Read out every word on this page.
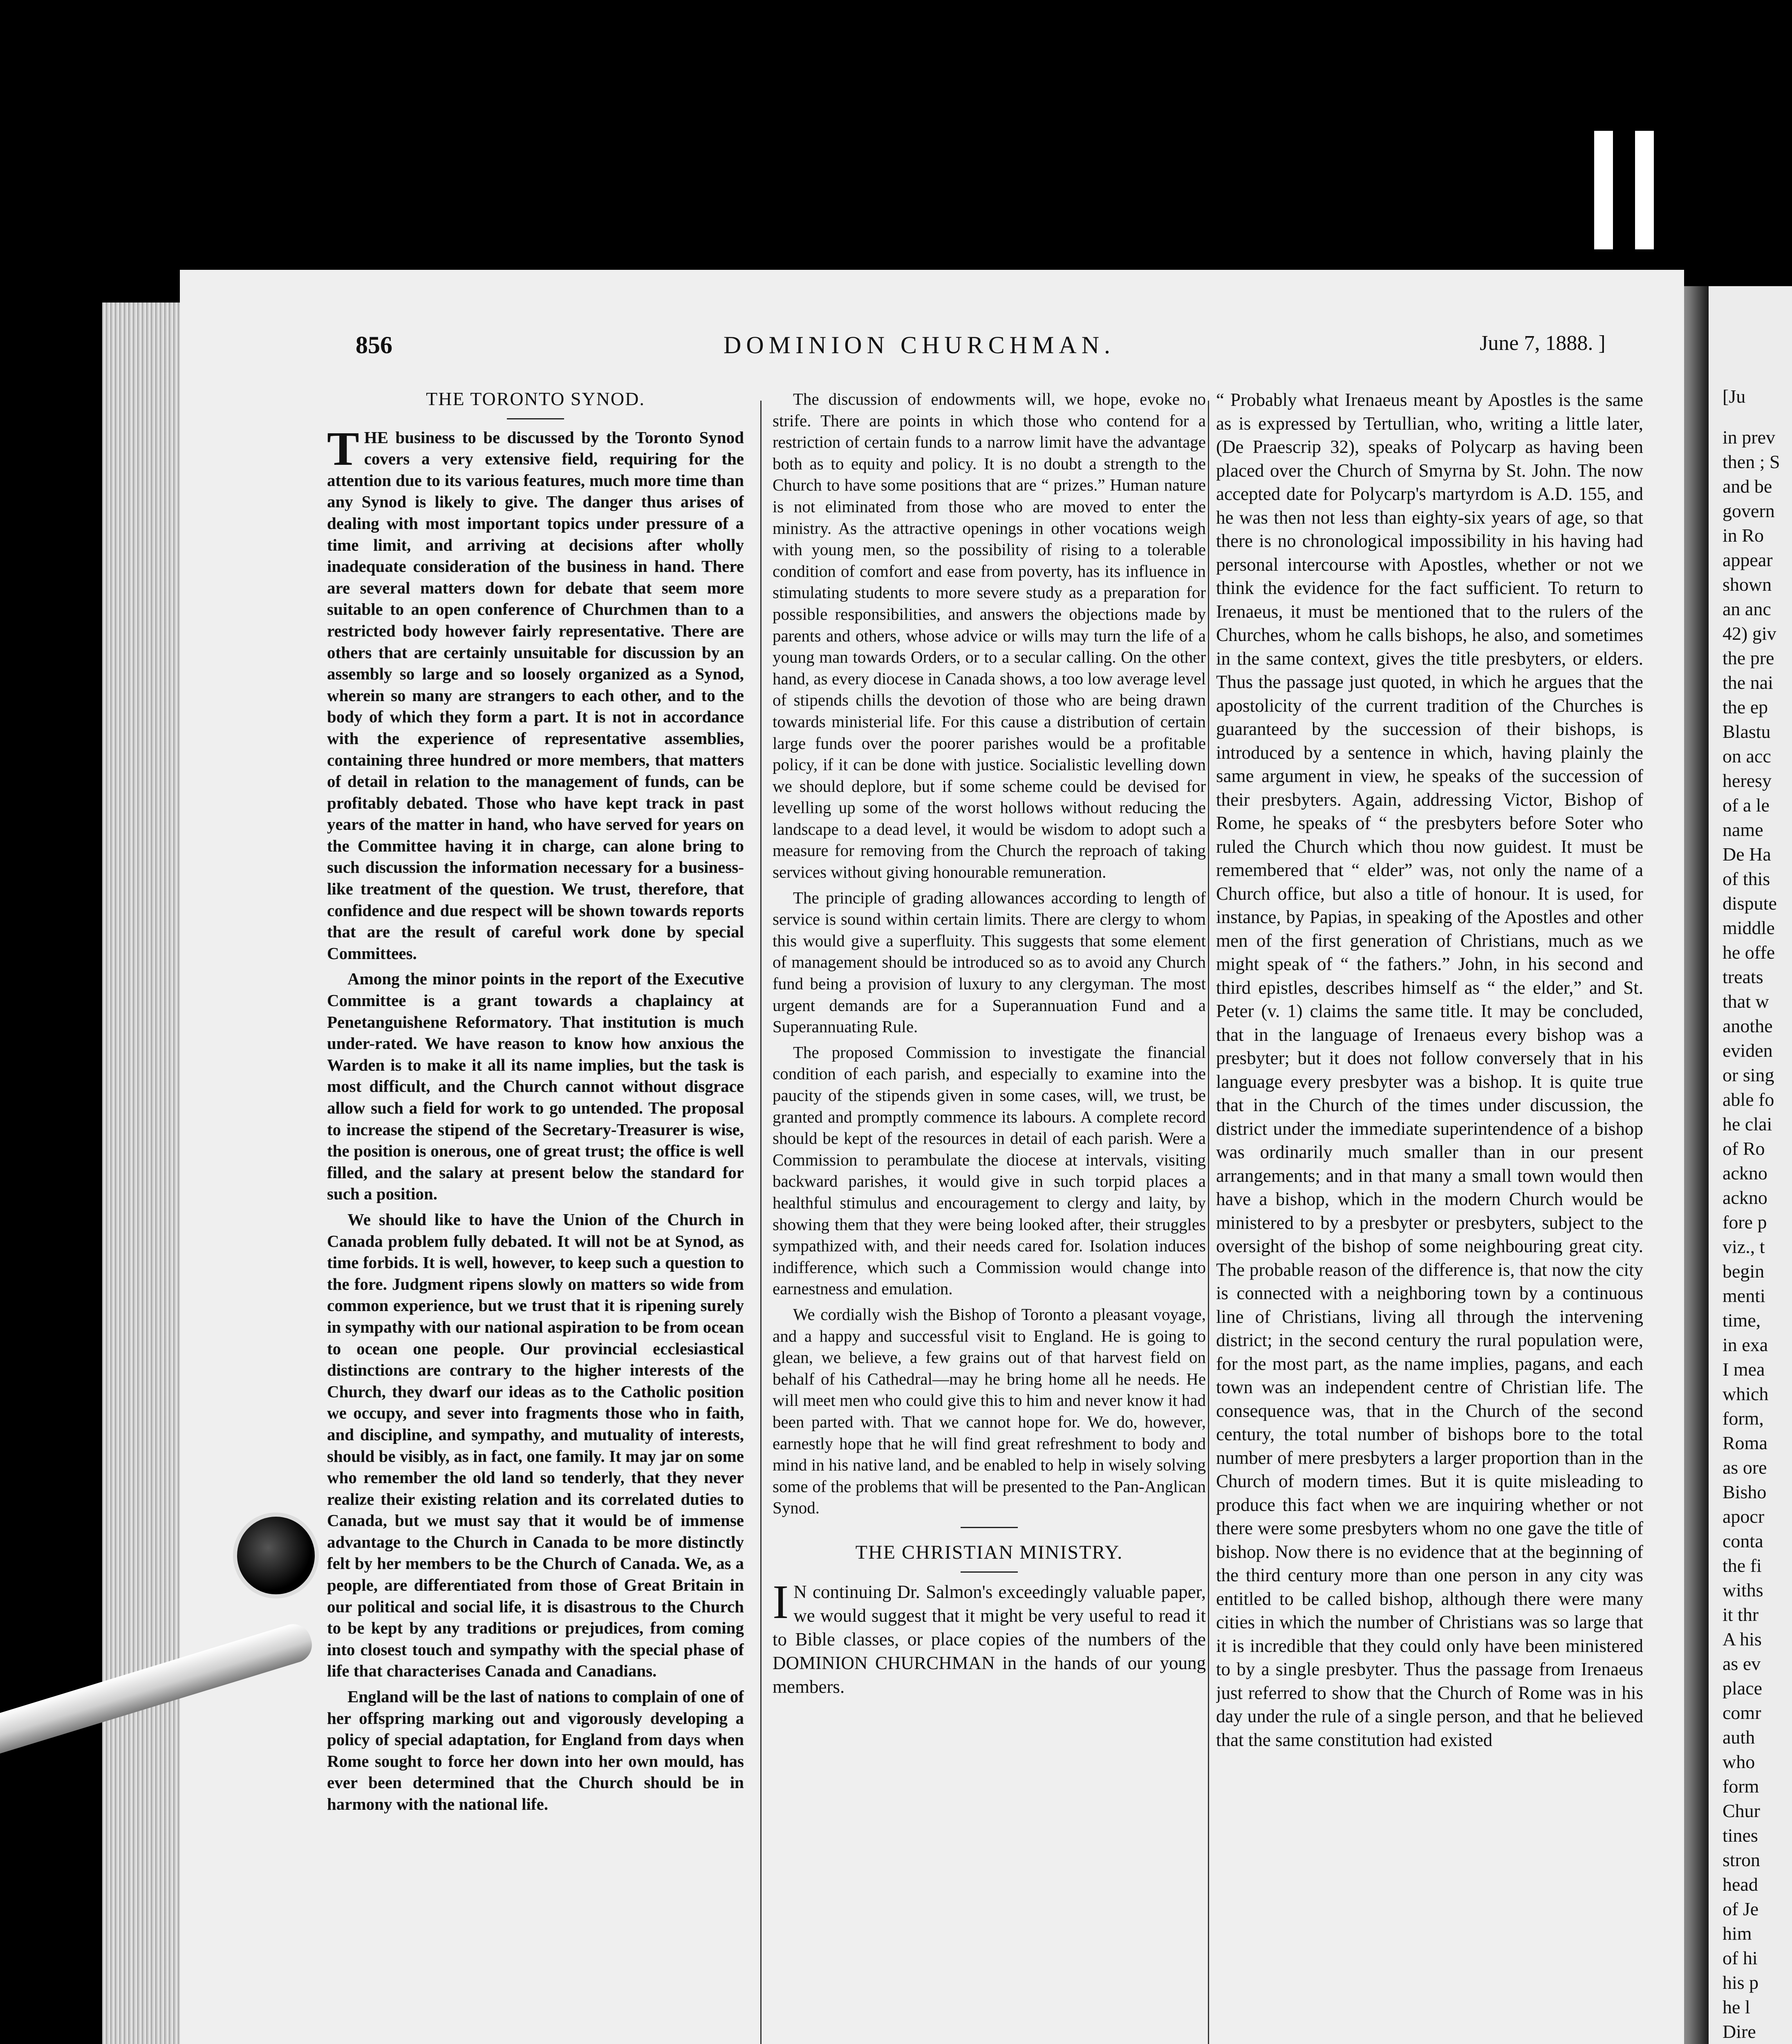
[Ju
in prev
then ; S
and be
govern
in Ro
appear
shown
an anc
42) giv
the pre
the nai
the ep
Blastu
on acc
heresy
of a le
name
De Ha
of this
dispute
middle
he offe
treats
that w
anothe
eviden
or sing
able fo
he clai
of Ro
ackno
ackno
fore p
viz., t
begin
menti
time,
in exa
I mea
which
form,
Roma
as ore
Bisho
apocr
conta
the fi
withs
it thr
A his
as ev
place
comr
auth
who
form
Chur
tines
stron
head
of Je
him
of hi
his p
he l
Dire
856	DOMINION CHURCHMAN.	June 7, 1888. ]
THE TORONTO SYNOD.

THE business to be discussed by the Toronto Synod covers a very extensive field, requiring for the attention due to its various features, much more time than any Synod is likely to give. The danger thus arises of dealing with most important topics under pressure of a time limit, and arriving at decisions after wholly inadequate consideration of the business in hand. There are several matters down for debate that seem more suitable to an open conference of Churchmen than to a restricted body however fairly representative. There are others that are certainly unsuitable for discussion by an assembly so large and so loosely organized as a Synod, wherein so many are strangers to each other, and to the body of which they form a part. It is not in accordance with the experience of representative assemblies, containing three hundred or more members, that matters of detail in relation to the management of funds, can be profitably debated. Those who have kept track in past years of the matter in hand, who have served for years on the Committee having it in charge, can alone bring to such discussion the information necessary for a business-like treatment of the question. We trust, therefore, that confidence and due respect will be shown towards reports that are the result of careful work done by special Committees.

Among the minor points in the report of the Executive Committee is a grant towards a chaplaincy at Penetanguishene Reformatory. That institution is much under-rated. We have reason to know how anxious the Warden is to make it all its name implies, but the task is most difficult, and the Church cannot without disgrace allow such a field for work to go untended. The proposal to increase the stipend of the Secretary-Treasurer is wise, the position is onerous, one of great trust; the office is well filled, and the salary at present below the standard for such a position.

We should like to have the Union of the Church in Canada problem fully debated. It will not be at Synod, as time forbids. It is well, however, to keep such a question to the fore. Judgment ripens slowly on matters so wide from common experience, but we trust that it is ripening surely in sympathy with our national aspiration to be from ocean to ocean one people. Our provincial ecclesiastical distinctions are contrary to the higher interests of the Church, they dwarf our ideas as to the Catholic position we occupy, and sever into fragments those who in faith, and discipline, and sympathy, and mutuality of interests, should be visibly, as in fact, one family. It may jar on some who remember the old land so tenderly, that they never realize their existing relation and its correlated duties to Canada, but we must say that it would be of immense advantage to the Church in Canada to be more distinctly felt by her members to be the Church of Canada. We, as a people, are differentiated from those of Great Britain in our political and social life, it is disastrous to the Church to be kept by any traditions or prejudices, from coming into closest touch and sympathy with the special phase of life that characterises Canada and Canadians.

England will be the last of nations to complain of one of her offspring marking out and vigorously developing a policy of special adaptation, for England from days when Rome sought to force her down into her own mould, has ever been determined that the Church should be in harmony with the national life.

The discussion of endowments will, we hope, evoke no strife. There are points in which those who contend for a restriction of certain funds to a narrow limit have the advantage both as to equity and policy. It is no doubt a strength to the Church to have some positions that are “ prizes.” Human nature is not eliminated from those who are moved to enter the ministry. As the attractive openings in other vocations weigh with young men, so the possibility of rising to a tolerable condition of comfort and ease from poverty, has its influence in stimulating students to more severe study as a preparation for possible responsibilities, and answers the objections made by parents and others, whose advice or wills may turn the life of a young man towards Orders, or to a secular calling. On the other hand, as every diocese in Canada shows, a too low average level of stipends chills the devotion of those who are being drawn towards ministerial life. For this cause a distribution of certain large funds over the poorer parishes would be a profitable policy, if it can be done with justice. Socialistic levelling down we should deplore, but if some scheme could be devised for levelling up some of the worst hollows without reducing the landscape to a dead level, it would be wisdom to adopt such a measure for removing from the Church the reproach of taking services without giving honourable remuneration.

The principle of grading allowances according to length of service is sound within certain limits. There are clergy to whom this would give a superfluity. This suggests that some element of management should be introduced so as to avoid any Church fund being a provision of luxury to any clergyman. The most urgent demands are for a Superannuation Fund and a Superannuating Rule.

The proposed Commission to investigate the financial condition of each parish, and especially to examine into the paucity of the stipends given in some cases, will, we trust, be granted and promptly commence its labours. A complete record should be kept of the resources in detail of each parish. Were a Commission to perambulate the diocese at intervals, visiting backward parishes, it would give in such torpid places a healthful stimulus and encouragement to clergy and laity, by showing them that they were being looked after, their struggles sympathized with, and their needs cared for. Isolation induces indifference, which such a Commission would change into earnestness and emulation.

We cordially wish the Bishop of Toronto a pleasant voyage, and a happy and successful visit to England. He is going to glean, we believe, a few grains out of that harvest field on behalf of his Cathedral—may he bring home all he needs. He will meet men who could give this to him and never know it had been parted with. That we cannot hope for. We do, however, earnestly hope that he will find great refreshment to body and mind in his native land, and be enabled to help in wisely solving some of the problems that will be presented to the Pan-Anglican Synod.

THE CHRISTIAN MINISTRY.

I N continuing Dr. Salmon's exceedingly valuable paper, we would suggest that it might be very useful to read it to Bible classes, or place copies of the numbers of the DOMINION CHURCHMAN in the hands of our young members.

“ Probably what Irenaeus meant by Apostles is the same as is expressed by Tertullian, who, writing a little later, (De Praescrip 32), speaks of Polycarp as having been placed over the Church of Smyrna by St. John. The now accepted date for Polycarp's martyrdom is A.D. 155, and he was then not less than eighty-six years of age, so that there is no chronological impossibility in his having had personal intercourse with Apostles, whether or not we think the evidence for the fact sufficient. To return to Irenaeus, it must be mentioned that to the rulers of the Churches, whom he calls bishops, he also, and sometimes in the same context, gives the title presbyters, or elders. Thus the passage just quoted, in which he argues that the apostolicity of the current tradition of the Churches is guaranteed by the succession of their bishops, is introduced by a sentence in which, having plainly the same argument in view, he speaks of the succession of their presbyters. Again, addressing Victor, Bishop of Rome, he speaks of “ the presbyters before Soter who ruled the Church which thou now guidest. It must be remembered that “ elder” was, not only the name of a Church office, but also a title of honour. It is used, for instance, by Papias, in speaking of the Apostles and other men of the first generation of Christians, much as we might speak of “ the fathers.” John, in his second and third epistles, describes himself as “ the elder,” and St. Peter (v. 1) claims the same title. It may be concluded, that in the language of Irenaeus every bishop was a presbyter; but it does not follow conversely that in his language every presbyter was a bishop. It is quite true that in the Church of the times under discussion, the district under the immediate superintendence of a bishop was ordinarily much smaller than in our present arrangements; and in that many a small town would then have a bishop, which in the modern Church would be ministered to by a presbyter or presbyters, subject to the oversight of the bishop of some neighbouring great city. The probable reason of the difference is, that now the city is connected with a neighboring town by a continuous line of Christians, living all through the intervening district; in the second century the rural population were, for the most part, as the name implies, pagans, and each town was an independent centre of Christian life. The consequence was, that in the Church of the second century, the total number of bishops bore to the total number of mere presbyters a larger proportion than in the Church of modern times. But it is quite misleading to produce this fact when we are inquiring whether or not there were some presbyters whom no one gave the title of bishop. Now there is no evidence that at the beginning of the third century more than one person in any city was entitled to be called bishop, although there were many cities in which the number of Christians was so large that it is incredible that they could only have been ministered to by a single presbyter. Thus the passage from Irenaeus just referred to show that the Church of Rome was in his day under the rule of a single person, and that he believed that the same constitution had existed
